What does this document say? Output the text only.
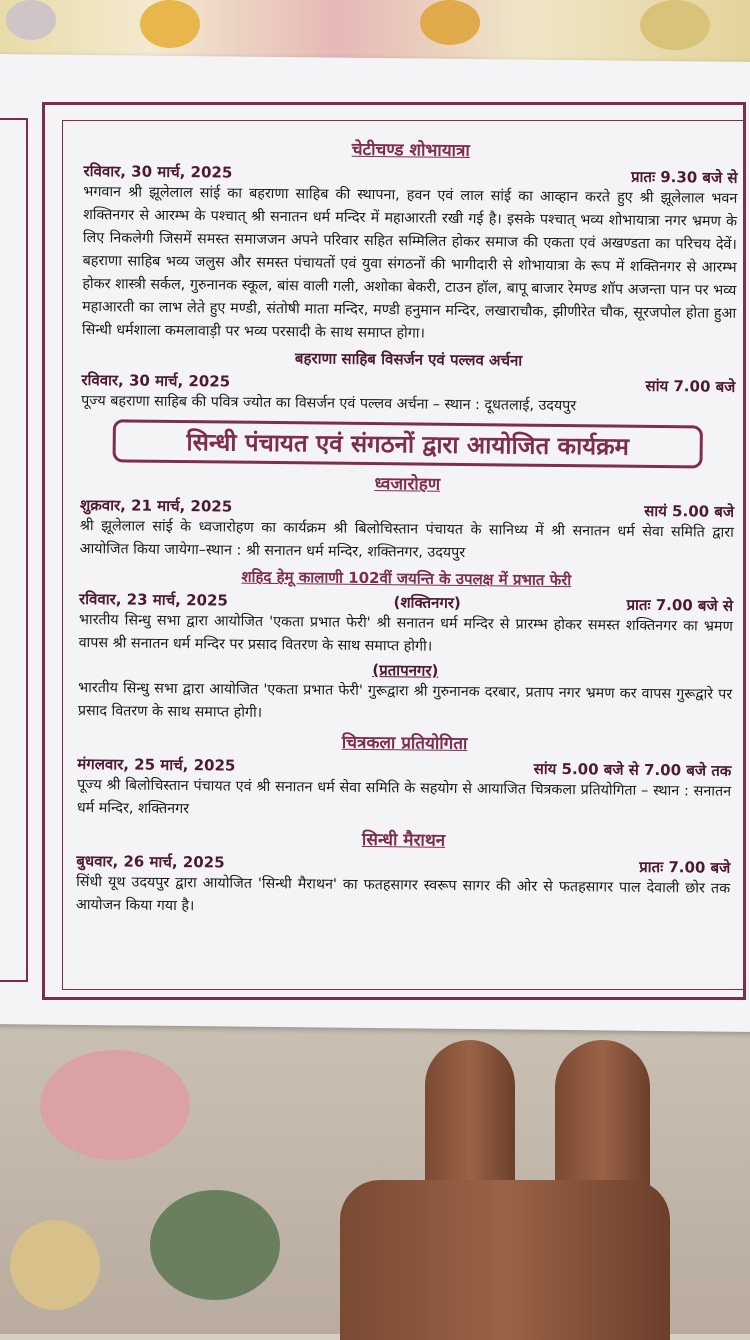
चेटीचण्ड शोभायात्रा
रविवार, 30 मार्च, 2025	प्रातः 9.30 बजे से
भगवान श्री झूलेलाल सांई का बहराणा साहिब की स्थापना, हवन एवं लाल सांई का आव्हान करते हुए श्री झूलेलाल भवन शक्तिनगर से आरम्भ के पश्चात् श्री सनातन धर्म मन्दिर में महाआरती रखी गई है। इसके पश्चात् भव्य शोभायात्रा नगर भ्रमण के लिए निकलेगी जिसमें समस्त समाजजन अपने परिवार सहित सम्मिलित होकर समाज की एकता एवं अखण्डता का परिचय देवें। बहराणा साहिब भव्य जलुस और समस्त पंचायतों एवं युवा संगठनों की भागीदारी से शोभायात्रा के रूप में शक्तिनगर से आरम्भ होकर शास्त्री सर्कल, गुरुनानक स्कूल, बांस वाली गली, अशोका बेकरी, टाउन हॉल, बापू बाजार रेमण्ड शॉप अजन्ता पान पर भव्य महाआरती का लाभ लेते हुए मण्डी, संतोषी माता मन्दिर, मण्डी हनुमान मन्दिर, लखाराचौक, झीणीरेत चौक, सूरजपोल होता हुआ सिन्धी धर्मशाला कमलावाड़ी पर भव्य परसादी के साथ समाप्त होगा।
बहराणा साहिब विसर्जन एवं पल्लव अर्चना
रविवार, 30 मार्च, 2025	सांय 7.00 बजे
पूज्य बहराणा साहिब की पवित्र ज्योत का विसर्जन एवं पल्लव अर्चना – स्थान : दूधतलाई, उदयपुर
सिन्धी पंचायत एवं संगठनों द्वारा आयोजित कार्यक्रम
ध्वजारोहण
शुक्रवार, 21 मार्च, 2025	सायं 5.00 बजे
श्री झूलेलाल सांई के ध्वजारोहण का कार्यक्रम श्री बिलोचिस्तान पंचायत के सानिध्य में श्री सनातन धर्म सेवा समिति द्वारा आयोजित किया जायेगा–स्थान : श्री सनातन धर्म मन्दिर, शक्तिनगर, उदयपुर
शहिद हेमू कालाणी 102वीं जयन्ति के उपलक्ष में प्रभात फेरी
रविवार, 23 मार्च, 2025	(शक्तिनगर)	प्रातः 7.00 बजे से
भारतीय सिन्धु सभा द्वारा आयोजित 'एकता प्रभात फेरी' श्री सनातन धर्म मन्दिर से प्रारम्भ होकर समस्त शक्तिनगर का भ्रमण वापस श्री सनातन धर्म मन्दिर पर प्रसाद वितरण के साथ समाप्त होगी।
(प्रतापनगर)
भारतीय सिन्धु सभा द्वारा आयोजित 'एकता प्रभात फेरी' गुरूद्वारा श्री गुरुनानक दरबार, प्रताप नगर भ्रमण कर वापस गुरूद्वारे पर प्रसाद वितरण के साथ समाप्त होगी।
चित्रकला प्रतियोगिता
मंगलवार, 25 मार्च, 2025	सांय 5.00 बजे से 7.00 बजे तक
पूज्य श्री बिलोचिस्तान पंचायत एवं श्री सनातन धर्म सेवा समिति के सहयोग से आयाजित चित्रकला प्रतियोगिता – स्थान : सनातन धर्म मन्दिर, शक्तिनगर
सिन्धी मैराथन
बुधवार, 26 मार्च, 2025	प्रातः 7.00 बजे
सिंधी यूथ उदयपुर द्वारा आयोजित 'सिन्धी मैराथन' का फतहसागर स्वरूप सागर की ओर से फतहसागर पाल देवाली छोर तक आयोजन किया गया है।
